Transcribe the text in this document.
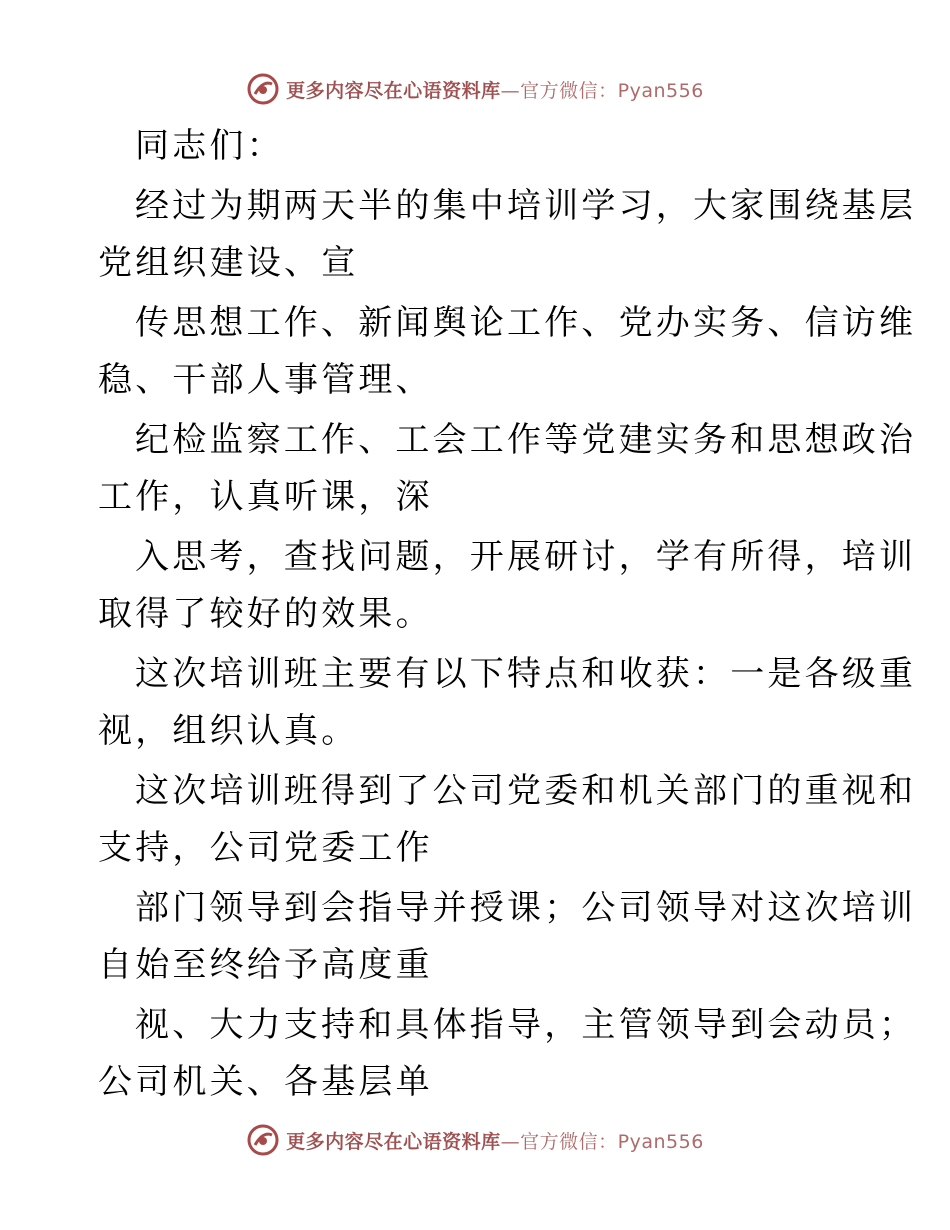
更多内容尽在心语资料库—官方微信：Pyan556

同志们：

经过为期两天半的集中培训学习，大家围绕基层
党组织建设、宣

传思想工作、新闻舆论工作、党办实务、信访维
稳、干部人事管理、

纪检监察工作、工会工作等党建实务和思想政治
工作，认真听课，深

入思考，查找问题，开展研讨，学有所得，培训
取得了较好的效果。

这次培训班主要有以下特点和收获：一是各级重
视，组织认真。

这次培训班得到了公司党委和机关部门的重视和
支持，公司党委工作

部门领导到会指导并授课；公司领导对这次培训
自始至终给予高度重

视、大力支持和具体指导，主管领导到会动员；
公司机关、各基层单

更多内容尽在心语资料库—官方微信：Pyan556
